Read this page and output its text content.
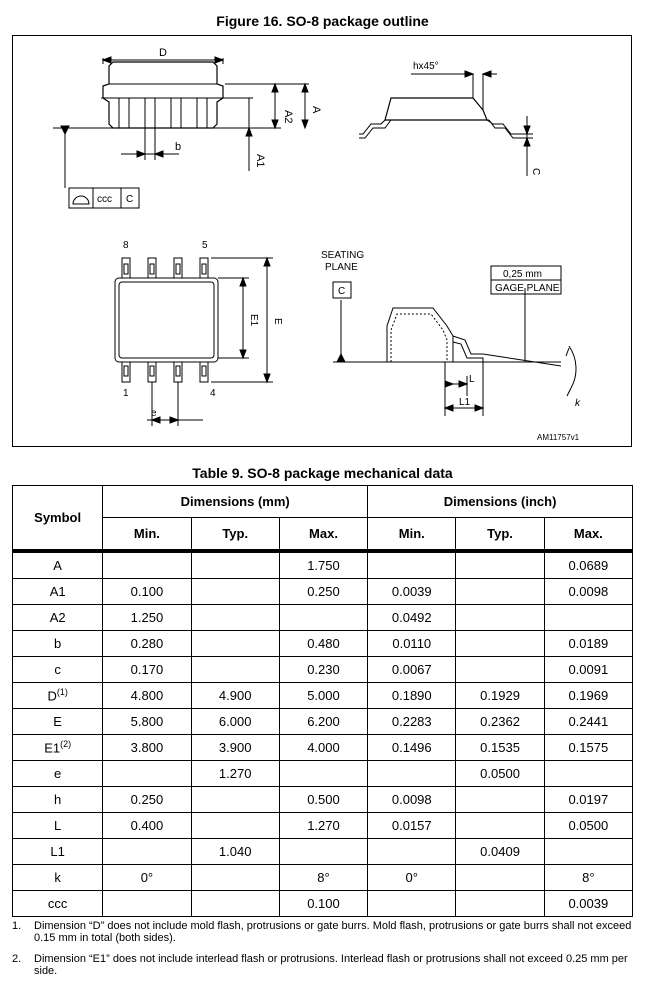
Figure 16. SO-8 package outline
D
A2
A
A1
b
ccc C
hx45°
C
8	5
1	4
E1 E
e
SEATING
PLANE
C
0,25 mm
GAGE PLANE
L
L1	k
AM11757v1
Table 9. SO-8 package mechanical data
Symbol	Dimensions (mm)			Dimensions (inch)		
	Min.	Typ.	Max.	Min.	Typ.	Max.
A			1.750			0.0689
A1	0.100		0.250	0.0039		0.0098
A2	1.250			0.0492		
b	0.280		0.480	0.0110		0.0189
c	0.170		0.230	0.0067		0.0091
$D^{(1)}$	4.800	4.900	5.000	0.1890	0.1929	0.1969
E	5.800	6.000	6.200	0.2283	0.2362	0.2441
E1$^{(2)}$	3.800	3.900	4.000	0.1496	0.1535	0.1575
e		1.270			0.0500	
h	0.250		0.500	0.0098		0.0197
L	0.400		1.270	0.0157		0.0500
L1		1.040			0.0409	
k	0°		8°	0°		8°
ccc			0.100			0.0039
1.	Dimension “D” does not include mold flash, protrusions or gate burrs. Mold flash, protrusions or gate burrs shall not exceed 0.15 mm in total (both sides).
2.	Dimension “E1” does not include interlead flash or protrusions. Interlead flash or protrusions shall not exceed 0.25 mm per side.
